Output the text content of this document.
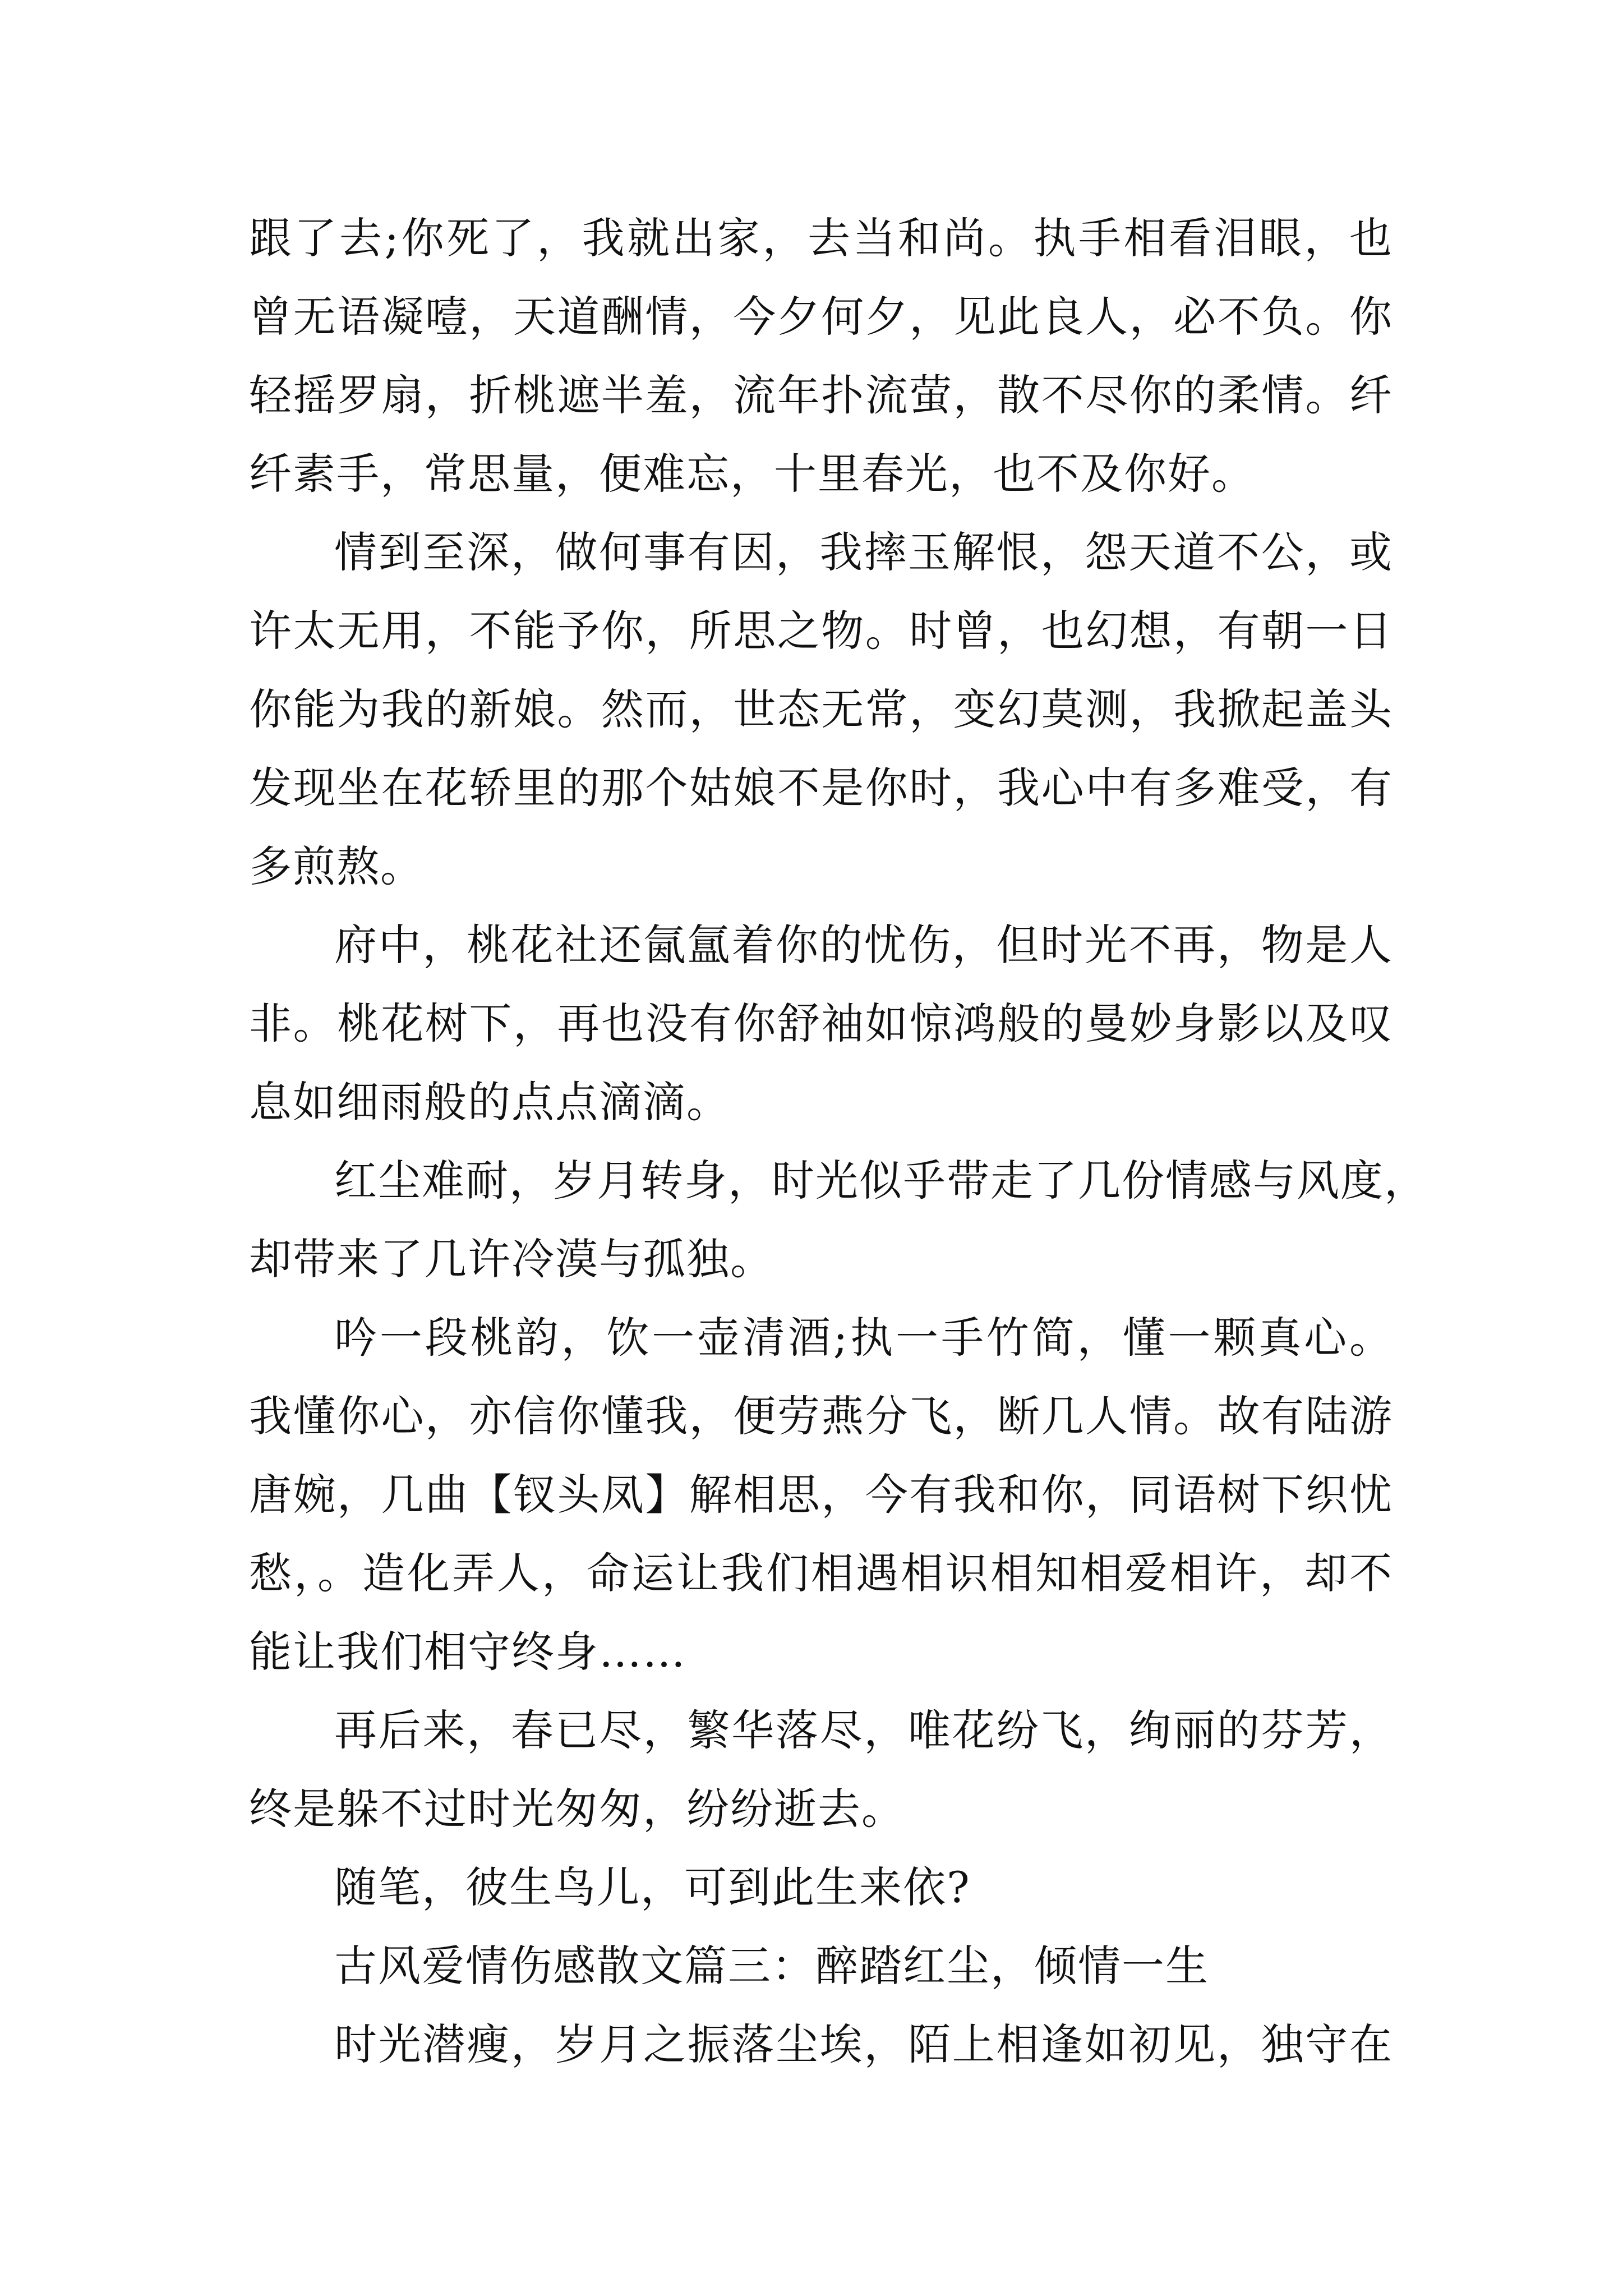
跟了去;你死了，我就出家，去当和尚。执手相看泪眼，也
曾无语凝噎，天道酬情，今夕何夕，见此良人，必不负。你
轻摇罗扇，折桃遮半羞，流年扑流萤，散不尽你的柔情。纤
纤素手，常思量，便难忘，十里春光，也不及你好。
情到至深，做何事有因，我摔玉解恨，怨天道不公，或
许太无用，不能予你，所思之物。时曾，也幻想，有朝一日
你能为我的新娘。然而，世态无常，变幻莫测，我掀起盖头
发现坐在花轿里的那个姑娘不是你时，我心中有多难受，有
多煎熬。
府中，桃花社还氤氲着你的忧伤，但时光不再，物是人
非。桃花树下，再也没有你舒袖如惊鸿般的曼妙身影以及叹
息如细雨般的点点滴滴。
红尘难耐，岁月转身，时光似乎带走了几份情感与风度，
却带来了几许冷漠与孤独。
吟一段桃韵，饮一壶清酒;执一手竹简，懂一颗真心。
我懂你心，亦信你懂我，便劳燕分飞，断几人情。故有陆游
唐婉，几曲【钗头凤】解相思，今有我和你，同语树下织忧
愁，。造化弄人，命运让我们相遇相识相知相爱相许，却不
能让我们相守终身……
再后来，春已尽，繁华落尽，唯花纷飞，绚丽的芬芳，
终是躲不过时光匆匆，纷纷逝去。
随笔，彼生鸟儿，可到此生来依?
古风爱情伤感散文篇三：醉踏红尘，倾情一生
时光潜瘦，岁月之振落尘埃，陌上相逢如初见，独守在
